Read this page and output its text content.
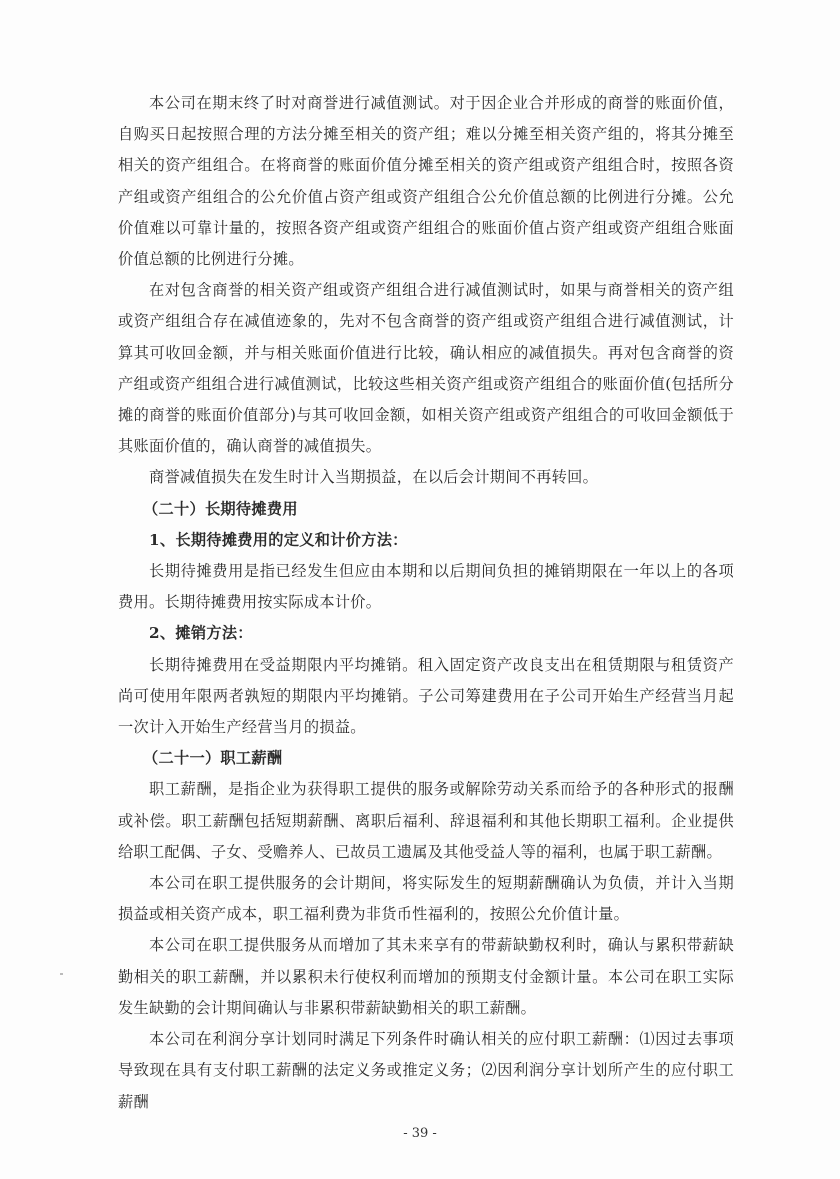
本公司在期末终了时对商誉进行减值测试。对于因企业合并形成的商誉的账面价值，自购买日起按照合理的方法分摊至相关的资产组；难以分摊至相关资产组的，将其分摊至相关的资产组组合。在将商誉的账面价值分摊至相关的资产组或资产组组合时，按照各资产组或资产组组合的公允价值占资产组或资产组组合公允价值总额的比例进行分摊。公允价值难以可靠计量的，按照各资产组或资产组组合的账面价值占资产组或资产组组合账面价值总额的比例进行分摊。

在对包含商誉的相关资产组或资产组组合进行减值测试时，如果与商誉相关的资产组或资产组组合存在减值迹象的，先对不包含商誉的资产组或资产组组合进行减值测试，计算其可收回金额，并与相关账面价值进行比较，确认相应的减值损失。再对包含商誉的资产组或资产组组合进行减值测试，比较这些相关资产组或资产组组合的账面价值(包括所分摊的商誉的账面价值部分)与其可收回金额，如相关资产组或资产组组合的可收回金额低于其账面价值的，确认商誉的减值损失。

商誉减值损失在发生时计入当期损益，在以后会计期间不再转回。

（二十）长期待摊费用

1、长期待摊费用的定义和计价方法：

长期待摊费用是指已经发生但应由本期和以后期间负担的摊销期限在一年以上的各项费用。长期待摊费用按实际成本计价。

2、摊销方法：

长期待摊费用在受益期限内平均摊销。租入固定资产改良支出在租赁期限与租赁资产尚可使用年限两者孰短的期限内平均摊销。子公司筹建费用在子公司开始生产经营当月起一次计入开始生产经营当月的损益。

（二十一）职工薪酬

职工薪酬，是指企业为获得职工提供的服务或解除劳动关系而给予的各种形式的报酬或补偿。职工薪酬包括短期薪酬、离职后福利、辞退福利和其他长期职工福利。企业提供给职工配偶、子女、受赡养人、已故员工遗属及其他受益人等的福利，也属于职工薪酬。

本公司在职工提供服务的会计期间，将实际发生的短期薪酬确认为负债，并计入当期损益或相关资产成本，职工福利费为非货币性福利的，按照公允价值计量。

本公司在职工提供服务从而增加了其未来享有的带薪缺勤权利时，确认与累积带薪缺勤相关的职工薪酬，并以累积未行使权利而增加的预期支付金额计量。本公司在职工实际发生缺勤的会计期间确认与非累积带薪缺勤相关的职工薪酬。

本公司在利润分享计划同时满足下列条件时确认相关的应付职工薪酬：⑴因过去事项导致现在具有支付职工薪酬的法定义务或推定义务；⑵因利润分享计划所产生的应付职工薪酬

- 39 -
